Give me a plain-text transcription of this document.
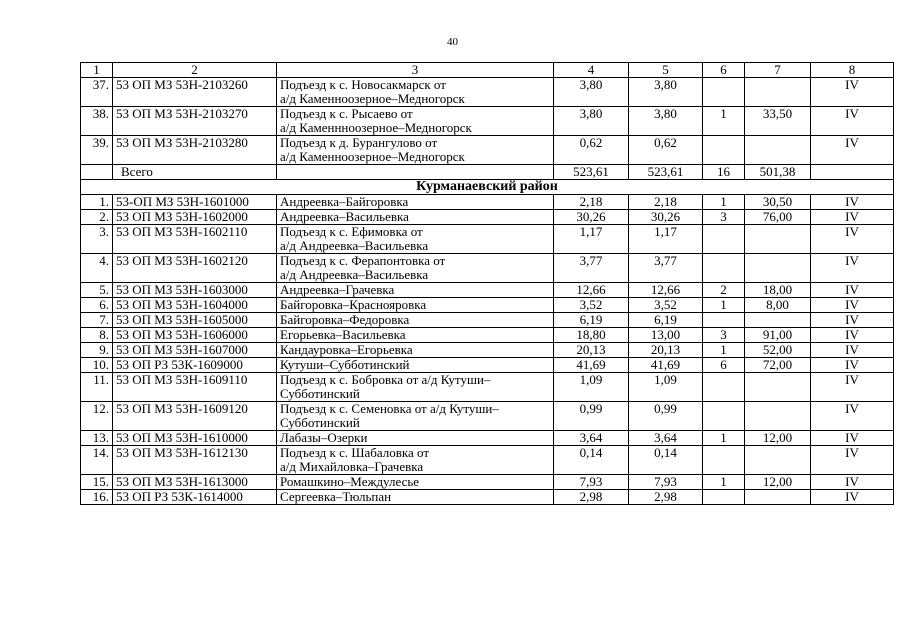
40
1	2	3	4	5	6	7	8
37.	53 ОП МЗ 53Н-2103260	Подъезд к с. Новосакмарск от
а/д Каменноозерное–Медногорск	3,80	3,80			IV
38.	53 ОП МЗ 53Н-2103270	Подъезд к с. Рысаево от
а/д Каменнноозерное–Медногорск	3,80	3,80	1	33,50	IV
39.	53 ОП МЗ 53Н-2103280	Подъезд к д. Бурангулово от
а/д Каменноозерное–Медногорск	0,62	0,62			IV
	Всего		523,61	523,61	16	501,38	
Курманаевский район							
1.	53-ОП МЗ 53Н-1601000	Андреевка–Байгоровка	2,18	2,18	1	30,50	IV
2.	53 ОП МЗ 53Н-1602000	Андреевка–Васильевка	30,26	30,26	3	76,00	IV
3.	53 ОП МЗ 53Н-1602110	Подъезд к с. Ефимовка от
а/д Андреевка–Васильевка	1,17	1,17			IV
4.	53 ОП МЗ 53Н-1602120	Подъезд к с. Ферапонтовка от
а/д Андреевка–Васильевка	3,77	3,77			IV
5.	53 ОП МЗ 53Н-1603000	Андреевка–Грачевка	12,66	12,66	2	18,00	IV
6.	53 ОП МЗ 53Н-1604000	Байгоровка–Краснояровка	3,52	3,52	1	8,00	IV
7.	53 ОП МЗ 53Н-1605000	Байгоровка–Федоровка	6,19	6,19			IV
8.	53 ОП МЗ 53Н-1606000	Егорьевка–Васильевка	18,80	13,00	3	91,00	IV
9.	53 ОП МЗ 53Н-1607000	Кандауровка–Егорьевка	20,13	20,13	1	52,00	IV
10.	53 ОП РЗ 53К-1609000	Кутуши–Субботинский	41,69	41,69	6	72,00	IV
11.	53 ОП МЗ 53Н-1609110	Подъезд к с. Бобровка от а/д Кутуши–
Субботинский	1,09	1,09			IV
12.	53 ОП МЗ 53Н-1609120	Подъезд к с. Семеновка от а/д Кутуши–
Субботинский	0,99	0,99			IV
13.	53 ОП МЗ 53Н-1610000	Лабазы–Озерки	3,64	3,64	1	12,00	IV
14.	53 ОП МЗ 53Н-1612130	Подъезд к с. Шабаловка от
а/д Михайловка–Грачевка	0,14	0,14			IV
15.	53 ОП МЗ 53Н-1613000	Ромашкино–Междулесье	7,93	7,93	1	12,00	IV
16.	53 ОП РЗ 53К-1614000	Сергеевка–Тюльпан	2,98	2,98			IV
